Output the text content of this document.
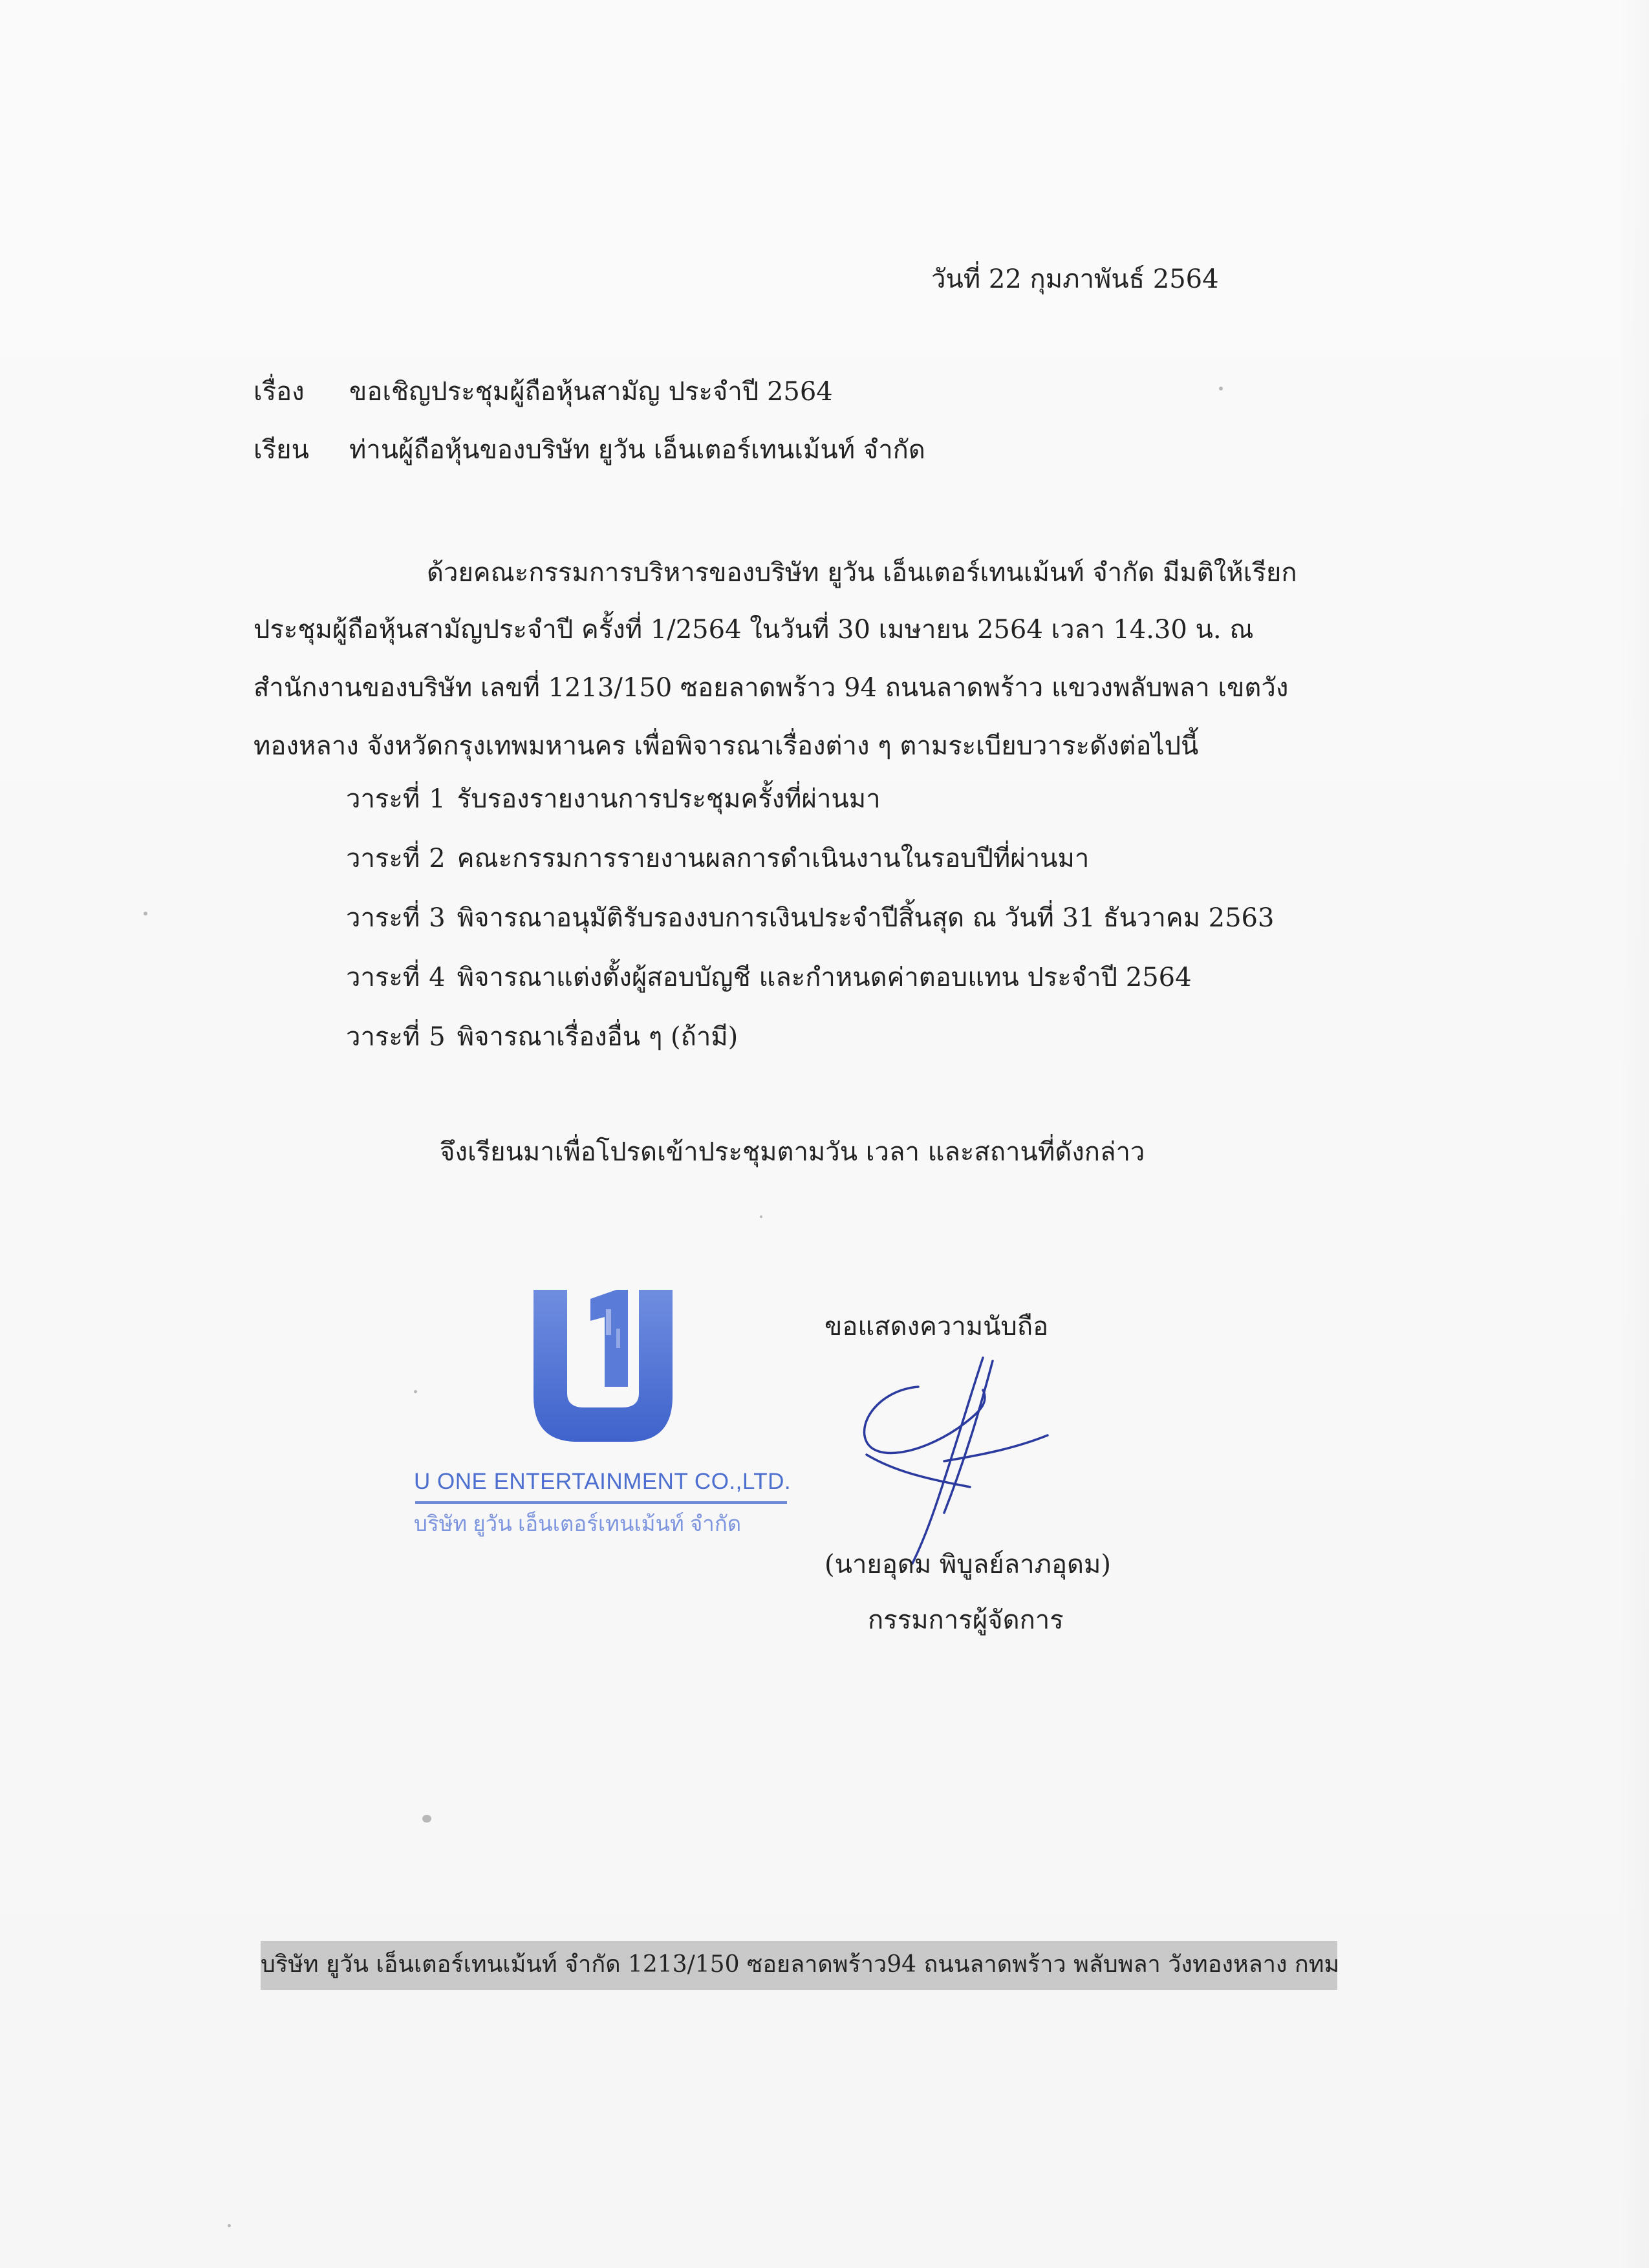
วันที่ 22 กุมภาพันธ์ 2564
เรื่อง ขอเชิญประชุมผู้ถือหุ้นสามัญ ประจำปี 2564
เรียน ท่านผู้ถือหุ้นของบริษัท ยูวัน เอ็นเตอร์เทนเม้นท์ จำกัด
ด้วยคณะกรรมการบริหารของบริษัท ยูวัน เอ็นเตอร์เทนเม้นท์ จำกัด มีมติให้เรียก
ประชุมผู้ถือหุ้นสามัญประจำปี ครั้งที่ 1/2564 ในวันที่ 30 เมษายน 2564 เวลา 14.30 น. ณ
สำนักงานของบริษัท เลขที่ 1213/150 ซอยลาดพร้าว 94 ถนนลาดพร้าว แขวงพลับพลา เขตวัง
ทองหลาง จังหวัดกรุงเทพมหานคร เพื่อพิจารณาเรื่องต่าง ๆ ตามระเบียบวาระดังต่อไปนี้
วาระที่ 1 รับรองรายงานการประชุมครั้งที่ผ่านมา
วาระที่ 2 คณะกรรมการรายงานผลการดำเนินงานในรอบปีที่ผ่านมา
วาระที่ 3 พิจารณาอนุมัติรับรองงบการเงินประจำปีสิ้นสุด ณ วันที่ 31 ธันวาคม 2563
วาระที่ 4 พิจารณาแต่งตั้งผู้สอบบัญชี และกำหนดค่าตอบแทน ประจำปี 2564
วาระที่ 5 พิจารณาเรื่องอื่น ๆ (ถ้ามี)
จึงเรียนมาเพื่อโปรดเข้าประชุมตามวัน เวลา และสถานที่ดังกล่าว
U ONE ENTERTAINMENT CO.,LTD.
บริษัท ยูวัน เอ็นเตอร์เทนเม้นท์ จำกัด
ขอแสดงความนับถือ
(นายอุดม พิบูลย์ลาภอุดม)
กรรมการผู้จัดการ
บริษัท ยูวัน เอ็นเตอร์เทนเม้นท์ จำกัด 1213/150 ซอยลาดพร้าว94 ถนนลาดพร้าว พลับพลา วังทองหลาง กทม
